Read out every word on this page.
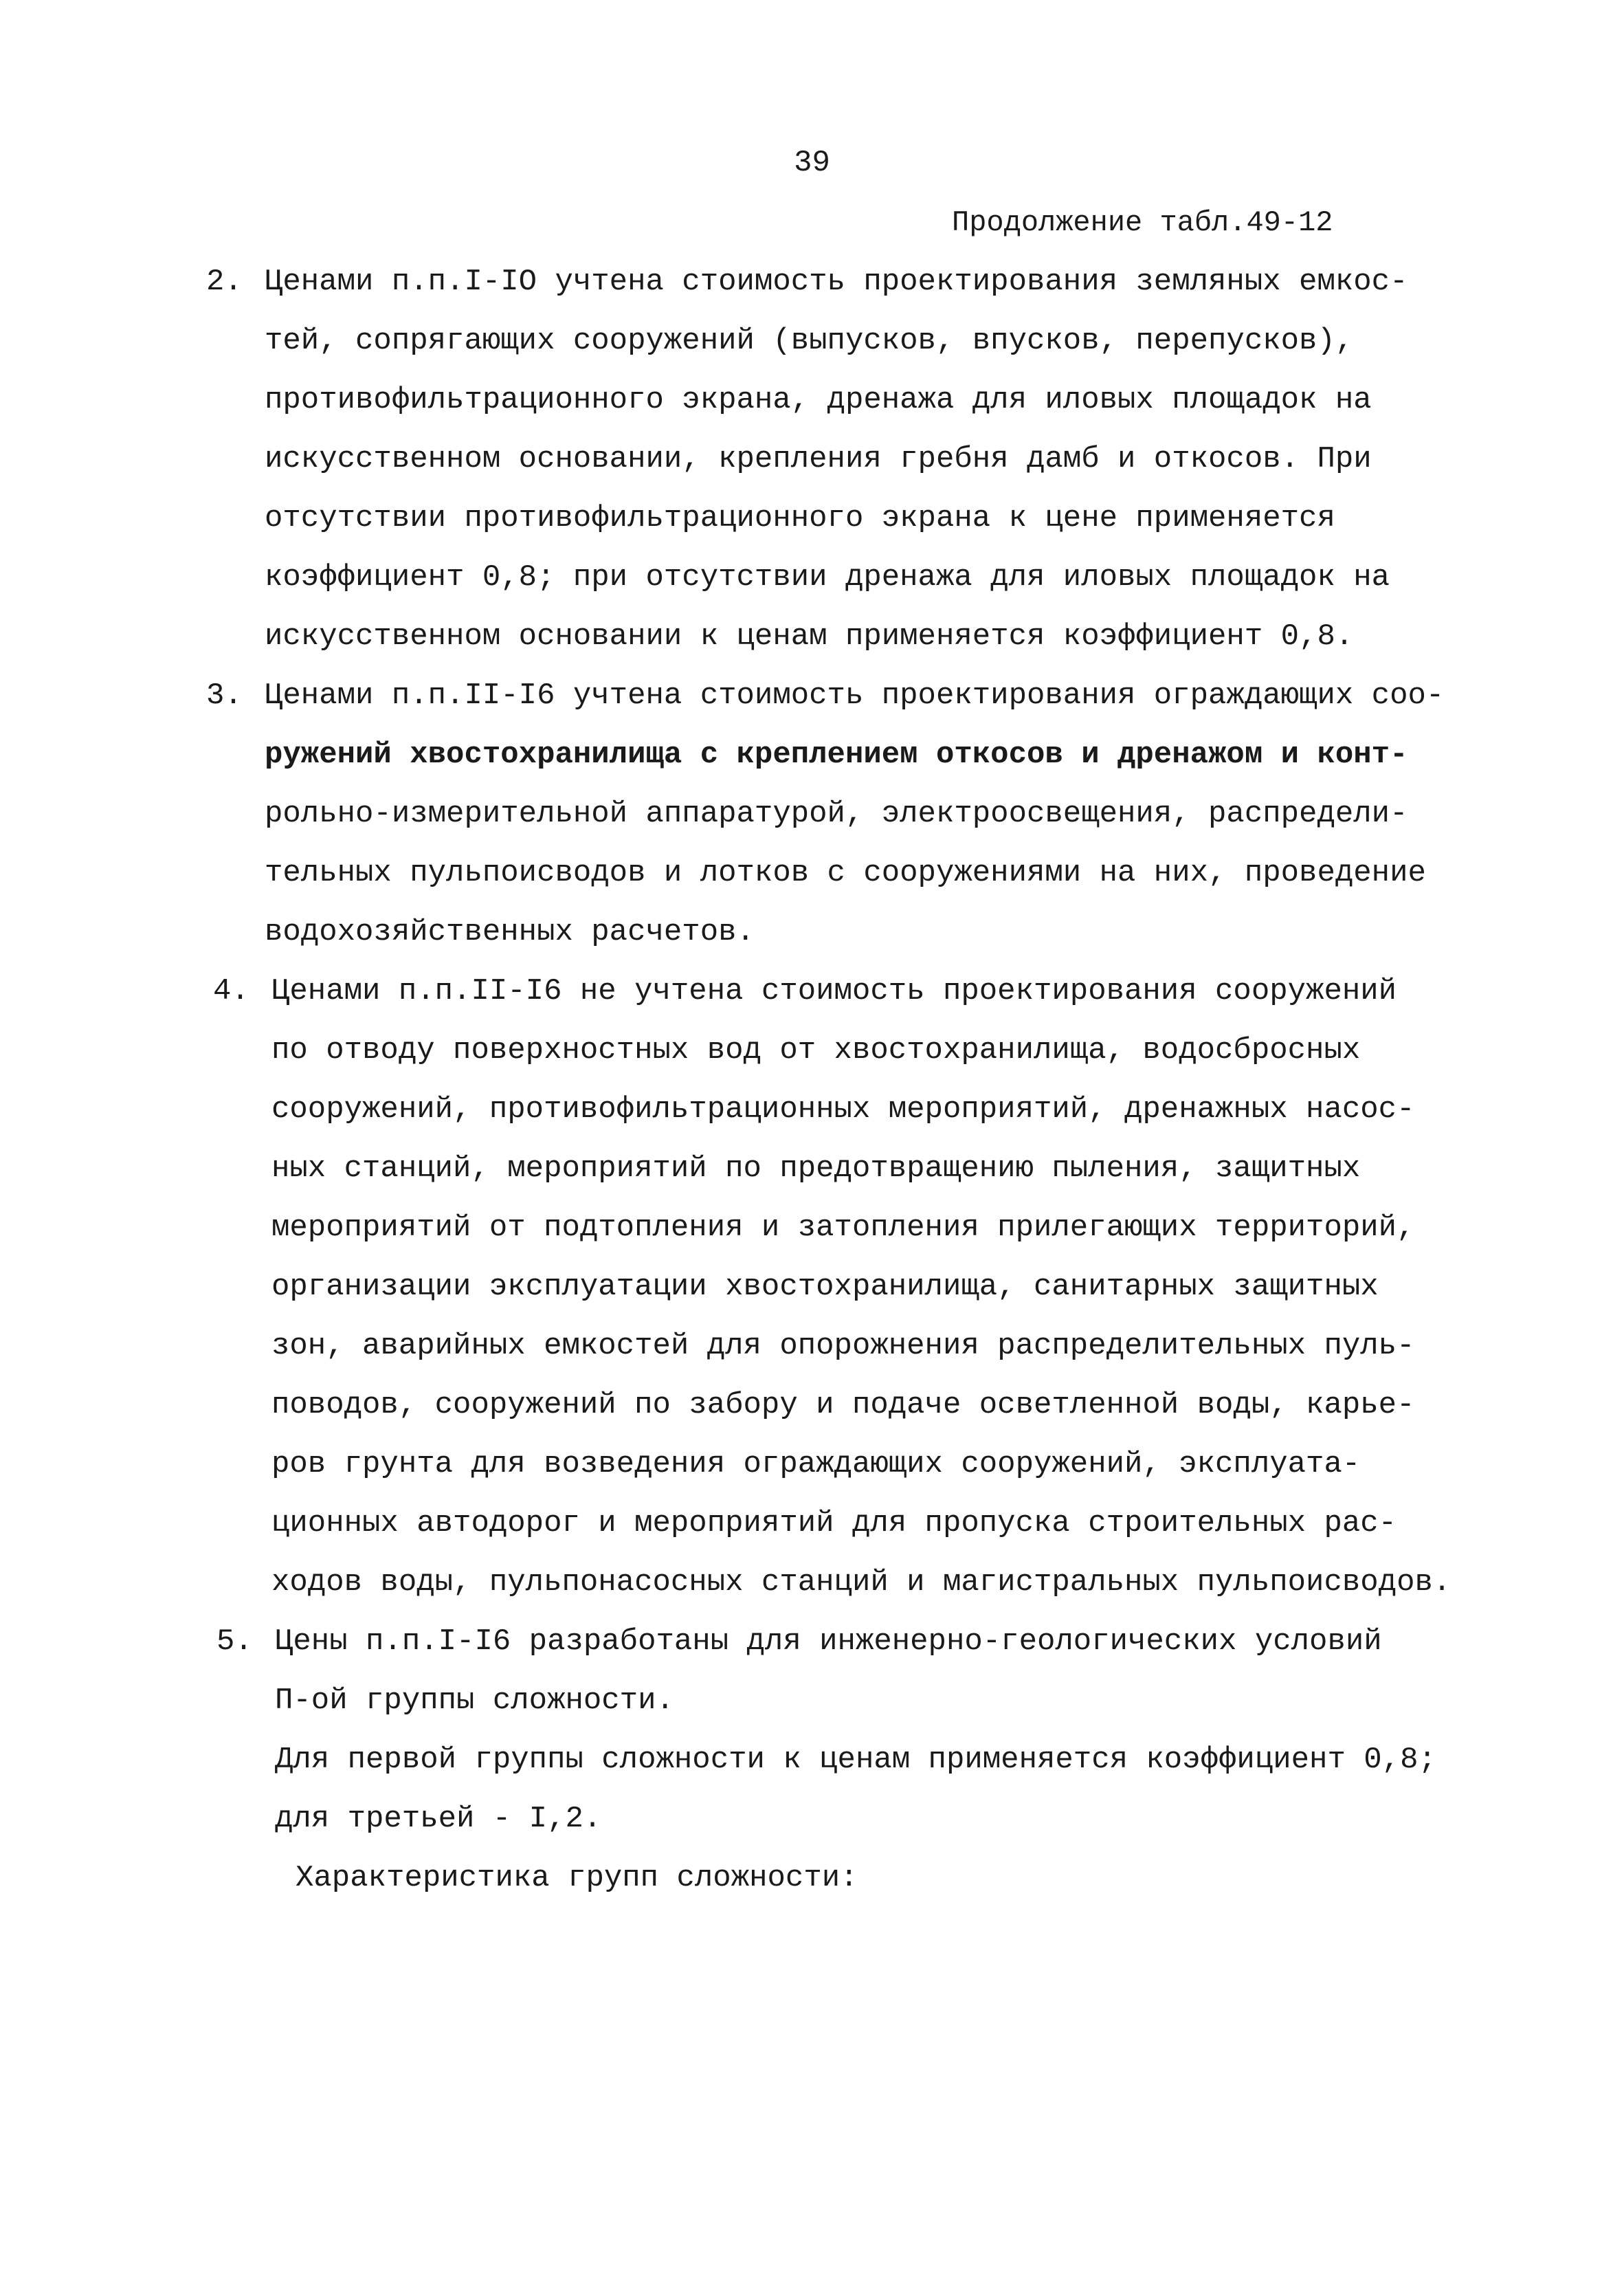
39
Продолжение табл.49-12
2. Ценами п.п.I-IO учтена стоимость проектирования земляных емкос-
тей, сопрягающих сооружений (выпусков, впусков, перепусков),
противофильтрационного экрана, дренажа для иловых площадок на
искусственном основании, крепления гребня дамб и откосов. При
отсутствии противофильтрационного экрана к цене применяется
коэффициент 0,8; при отсутствии дренажа для иловых площадок на
искусственном основании к ценам применяется коэффициент 0,8.
3. Ценами п.п.II-I6 учтена стоимость проектирования ограждающих соо-
ружений хвостохранилища с креплением откосов и дренажом и конт-
рольно-измерительной аппаратурой, электроосвещения, распредели-
тельных пульпоисводов и лотков с сооружениями на них, проведение
водохозяйственных расчетов.
4. Ценами п.п.II-I6 не учтена стоимость проектирования сооружений
по отводу поверхностных вод от хвостохранилища, водосбросных
сооружений, противофильтрационных мероприятий, дренажных насос-
ных станций, мероприятий по предотвращению пыления, защитных
мероприятий от подтопления и затопления прилегающих территорий,
организации эксплуатации хвостохранилища, санитарных защитных
зон, аварийных емкостей для опорожнения распределительных пуль-
поводов, сооружений по забору и подаче осветленной воды, карье-
ров грунта для возведения ограждающих сооружений, эксплуата-
ционных автодорог и мероприятий для пропуска строительных рас-
ходов воды, пульпонасосных станций и магистральных пульпоисводов.
5. Цены п.п.I-I6 разработаны для инженерно-геологических условий
П-ой группы сложности.
Для первой группы сложности к ценам применяется коэффициент 0,8;
для третьей - I,2.
Характеристика групп сложности:
